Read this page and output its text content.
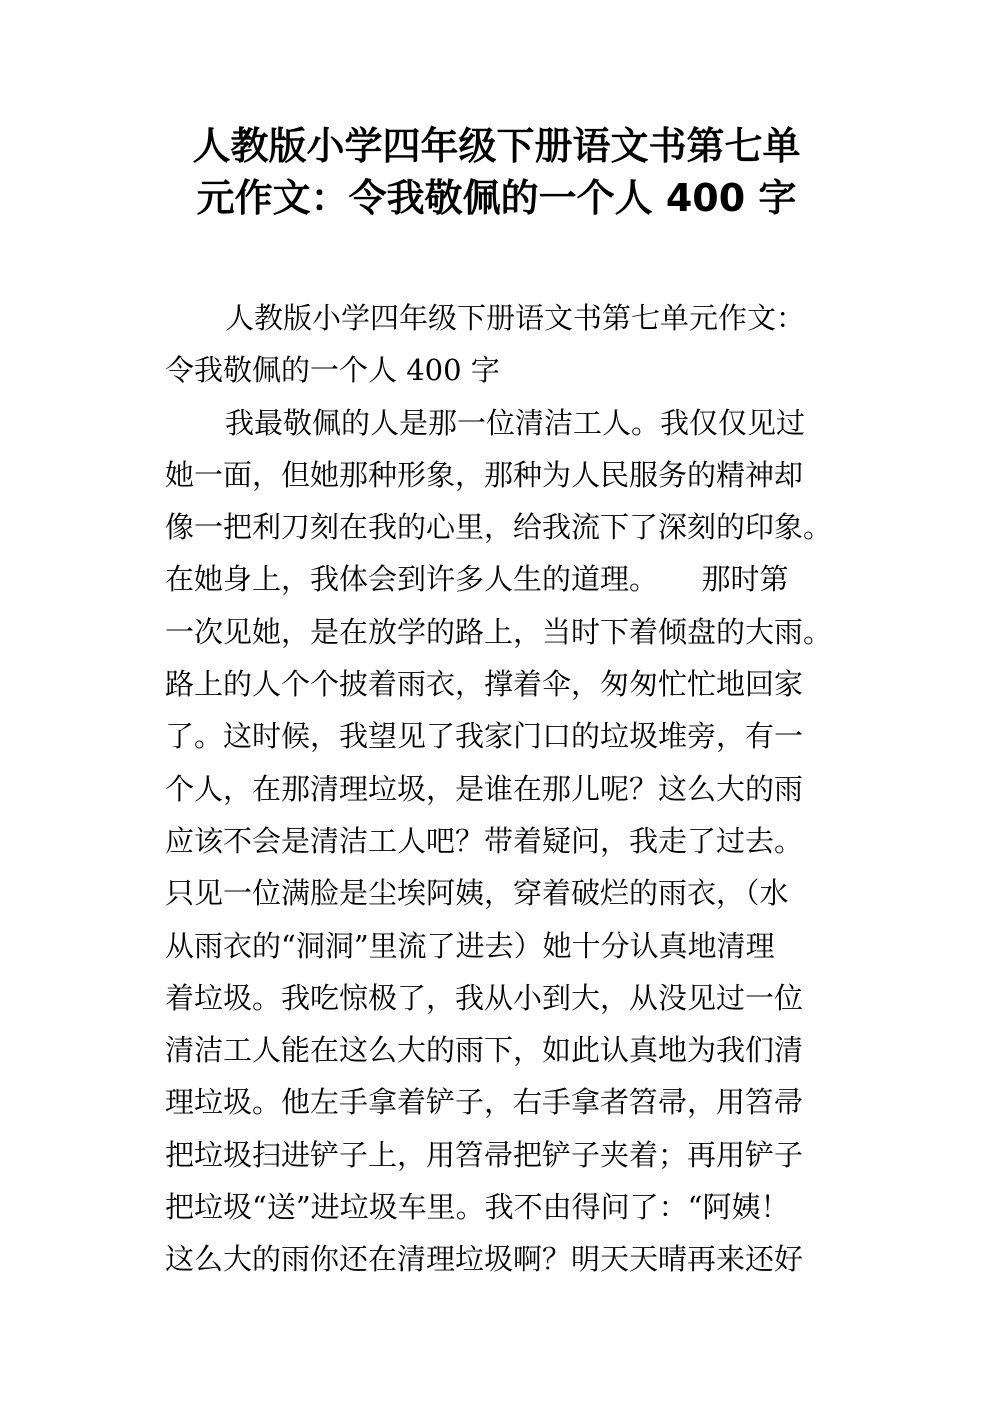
人教版小学四年级下册语文书第七单
元作文：令我敬佩的一个人 400 字
人教版小学四年级下册语文书第七单元作文：
令我敬佩的一个人 400 字
我最敬佩的人是那一位清洁工人。我仅仅见过
她一面，但她那种形象，那种为人民服务的精神却
像一把利刀刻在我的心里，给我流下了深刻的印象。
在她身上，我体会到许多人生的道理。　　那时第
一次见她，是在放学的路上，当时下着倾盘的大雨。
路上的人个个披着雨衣，撑着伞，匆匆忙忙地回家
了。这时候，我望见了我家门口的垃圾堆旁，有一
个人，在那清理垃圾，是谁在那儿呢？这么大的雨
应该不会是清洁工人吧？带着疑问，我走了过去。
只见一位满脸是尘埃阿姨，穿着破烂的雨衣，（水
从雨衣的“洞洞”里流了进去）她十分认真地清理
着垃圾。我吃惊极了，我从小到大，从没见过一位
清洁工人能在这么大的雨下，如此认真地为我们清
理垃圾。他左手拿着铲子，右手拿者笤帚，用笤帚
把垃圾扫进铲子上，用笤帚把铲子夹着；再用铲子
把垃圾“送”进垃圾车里。我不由得问了：“阿姨！
这么大的雨你还在清理垃圾啊？明天天晴再来还好
